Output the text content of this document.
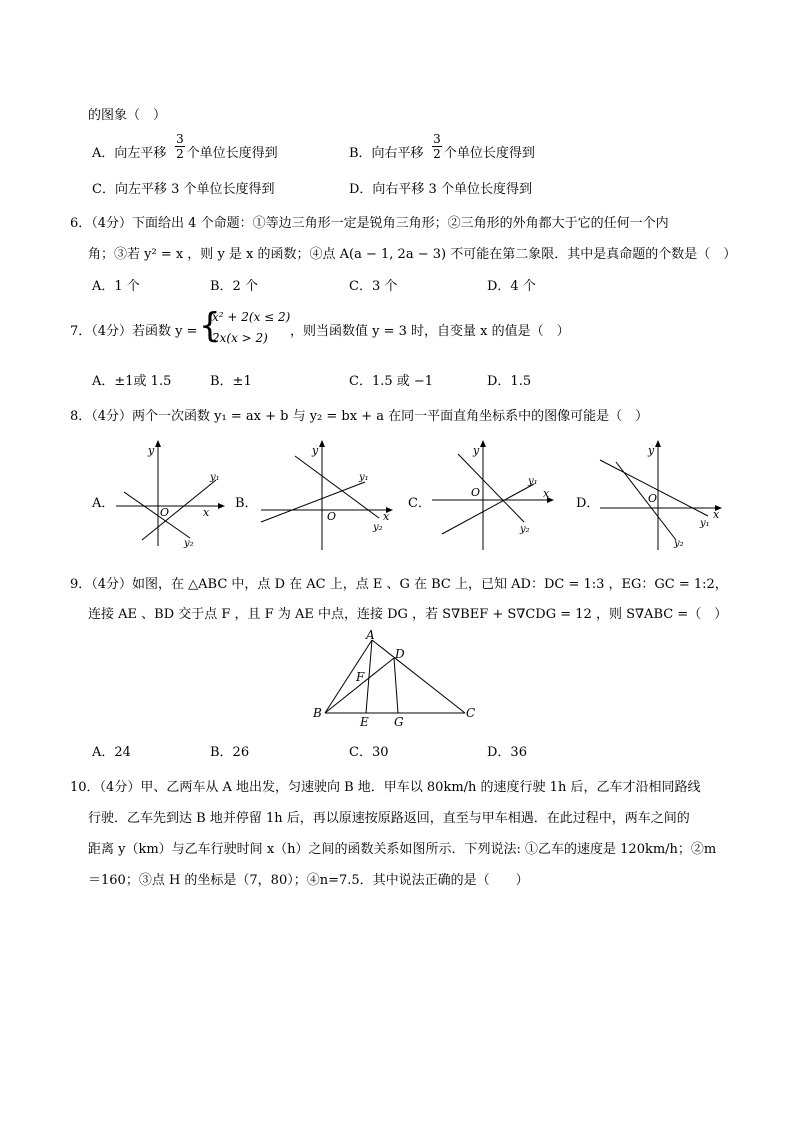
的图象（　）
A．向左平移  个单位长度得到
3
2	B．向右平移  个单位长度得到
3
2
C．向左平移 3 个单位长度得到	D．向右平移 3 个单位长度得到
6．（4分）下面给出 4 个命题：①等边三角形一定是锐角三角形；②三角形的外角都大于它的任何一个内
角；③若 y² = x ，则 y 是 x 的函数；④点 A(a − 1, 2a − 3) 不可能在第二象限．其中是真命题的个数是（　）
A．1 个	B．2 个	C．3 个	D．4 个
7．（4分）若函数 y = {
x² + 2(x ≤ 2)
2x(x > 2) ，则当函数值 y = 3 时，自变量 x 的值是（　）
A．±1或 1.5	B．±1	C．1.5 或 −1	D．1.5
8．（4分）两个一次函数 y₁ = ax + b 与 y₂ = bx + a 在同一平面直角坐标系中的图像可能是（　）
A．
y
x
O
y₁
y₂
B．
y
x
O
y₁
y₂
C．
y
x
O
y₁
y₂
D．
y
x
O
y₁
y₂
9．（4分）如图，在 △ABC 中，点 D 在 AC 上，点 E 、G 在 BC 上，已知 AD：DC = 1:3 ，EG：GC = 1:2，
连接 AE 、BD 交于点 F ，且 F 为 AE 中点，连接 DG ，若 S∇BEF + S∇CDG = 12 ，则 S∇ABC =（　）
A
D
F
B
E G
C
A．24	B．26	C．30	D．36
10．（4分）甲、乙两车从 A 地出发，匀速驶向 B 地．甲车以 80km/h 的速度行驶 1h 后，乙车才沿相同路线
行驶．乙车先到达 B 地并停留 1h 后，再以原速按原路返回，直至与甲车相遇．在此过程中，两车之间的
距离 y（km）与乙车行驶时间 x（h）之间的函数关系如图所示．下列说法: ①乙车的速度是 120km/h；②m
＝160；③点 H 的坐标是（7，80）；④n=7.5．其中说法正确的是（　　）
